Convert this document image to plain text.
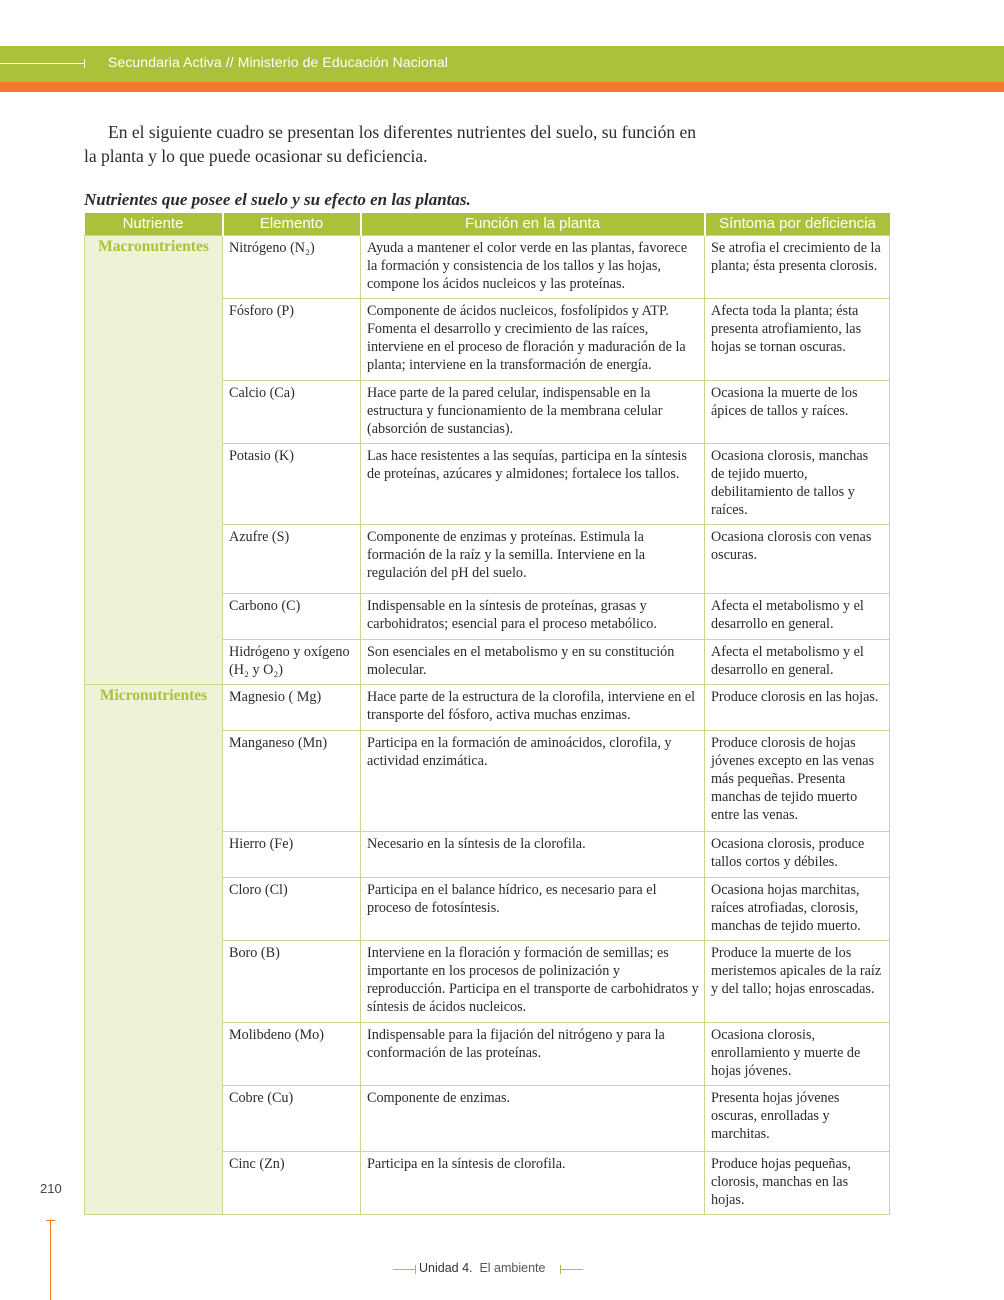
Secundaria Activa // Ministerio de Educación Nacional

En el siguiente cuadro se presentan los diferentes nutrientes del suelo, su función en la planta y lo que puede ocasionar su deficiencia.

Nutrientes que posee el suelo y su efecto en las plantas.
Nutriente	Elemento	Función en la planta	Síntoma por deficiencia
Macronutrientes	Nitrógeno (N₂)	Ayuda a mantener el color verde en las plantas, favorece la formación y consistencia de los tallos y las hojas, compone los ácidos nucleicos y las proteínas.	Se atrofia el crecimiento de la planta; ésta presenta clorosis.
	Fósforo (P)	Componente de ácidos nucleicos, fosfolípidos y ATP. Fomenta el desarrollo y crecimiento de las raíces, interviene en el proceso de floración y maduración de la planta; interviene en la transformación de energía.	Afecta toda la planta; ésta presenta atrofiamiento, las hojas se tornan oscuras.
	Calcio (Ca)	Hace parte de la pared celular, indispensable en la estructura y funcionamiento de la membrana celular (absorción de sustancias).	Ocasiona la muerte de los ápices de tallos y raíces.
	Potasio (K)	Las hace resistentes a las sequías, participa en la síntesis de proteínas, azúcares y almidones; fortalece los tallos.	Ocasiona clorosis, manchas de tejido muerto, debilitamiento de tallos y raíces.
	Azufre (S)	Componente de enzimas y proteínas. Estimula la formación de la raíz y la semilla. Interviene en la regulación del pH del suelo.	Ocasiona clorosis con venas oscuras.
	Carbono (C)	Indispensable en la síntesis de proteínas, grasas y carbohidratos; esencial para el proceso metabólico.	Afecta el metabolismo y el desarrollo en general.
	Hidrógeno y oxígeno (H₂ y O₂)	Son esenciales en el metabolismo y en su constitución molecular.	Afecta el metabolismo y el desarrollo en general.
Micronutrientes	Magnesio ( Mg)	Hace parte de la estructura de la clorofila, interviene en el transporte del fósforo, activa muchas enzimas.	Produce clorosis en las hojas.
	Manganeso (Mn)	Participa en la formación de aminoácidos, clorofila, y actividad enzimática.	Produce clorosis de hojas jóvenes excepto en las venas más pequeñas. Presenta manchas de tejido muerto entre las venas.
	Hierro (Fe)	Necesario en la síntesis de la clorofila.	Ocasiona clorosis, produce tallos cortos y débiles.
	Cloro (Cl)	Participa en el balance hídrico, es necesario para el proceso de fotosíntesis.	Ocasiona hojas marchitas, raíces atrofiadas, clorosis, manchas de tejido muerto.
	Boro (B)	Interviene en la floración y formación de semillas; es importante en los procesos de polinización y reproducción. Participa en el transporte de carbohidratos y síntesis de ácidos nucleicos.	Produce la muerte de los meristemos apicales de la raíz y del tallo; hojas enroscadas.
	Molibdeno (Mo)	Indispensable para la fijación del nitrógeno y para la conformación de las proteínas.	Ocasiona clorosis, enrollamiento y muerte de hojas jóvenes.
	Cobre (Cu)	Componente de enzimas.	Presenta hojas jóvenes oscuras, enrolladas y marchitas.
	Cinc (Zn)	Participa en la síntesis de clorofila.	Produce hojas pequeñas, clorosis, manchas en las hojas.
210
Unidad 4. El ambiente
